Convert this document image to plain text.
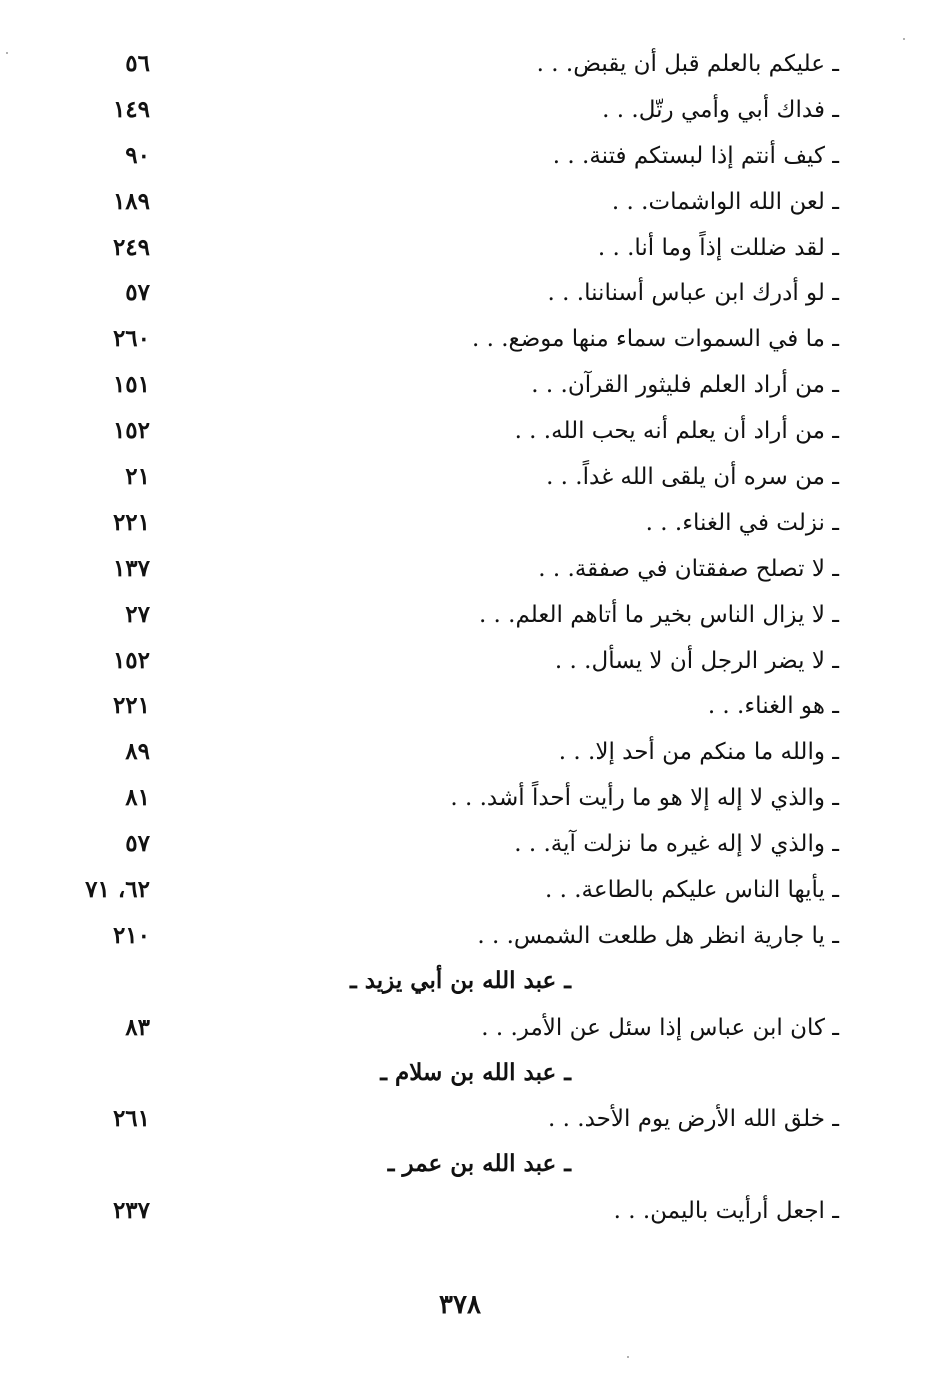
ـ عليكم بالعلم قبل أن يقبض. . .
٥٦
ـ فداك أبي وأمي رتّل. . .
١٤٩
ـ كيف أنتم إذا لبستكم فتنة. . .
٩٠
ـ لعن الله الواشمات. . .
١٨٩
ـ لقد ضللت إذاً وما أنا. . .
٢٤٩
ـ لو أدرك ابن عباس أسناننا. . .
٥٧
ـ ما في السموات سماء منها موضع. . .
٢٦٠
ـ من أراد العلم فليثور القرآن. . .
١٥١
ـ من أراد أن يعلم أنه يحب الله. . .
١٥٢
ـ من سره أن يلقى الله غداً. . .
٢١
ـ نزلت في الغناء. . .
٢٢١
ـ لا تصلح صفقتان في صفقة. . .
١٣٧
ـ لا يزال الناس بخير ما أتاهم العلم. . .
٢٧
ـ لا يضر الرجل أن لا يسأل. . .
١٥٢
ـ هو الغناء. . .
٢٢١
ـ والله ما منكم من أحد إلا. . .
٨٩
ـ والذي لا إله إلا هو ما رأيت أحداً أشد. . .
٨١
ـ والذي لا إله غيره ما نزلت آية. . .
٥٧
ـ يأيها الناس عليكم بالطاعة. . .
٦٢، ٧١
ـ يا جارية انظر هل طلعت الشمس. . .
٢١٠
ـ عبد الله بن أبي يزيد ـ
ـ كان ابن عباس إذا سئل عن الأمر. . .
٨٣
ـ عبد الله بن سلام ـ
ـ خلق الله الأرض يوم الأحد. . .
٢٦١
ـ عبد الله بن عمر ـ
ـ اجعل أرأيت باليمن. . .
٢٣٧
٣٧٨
